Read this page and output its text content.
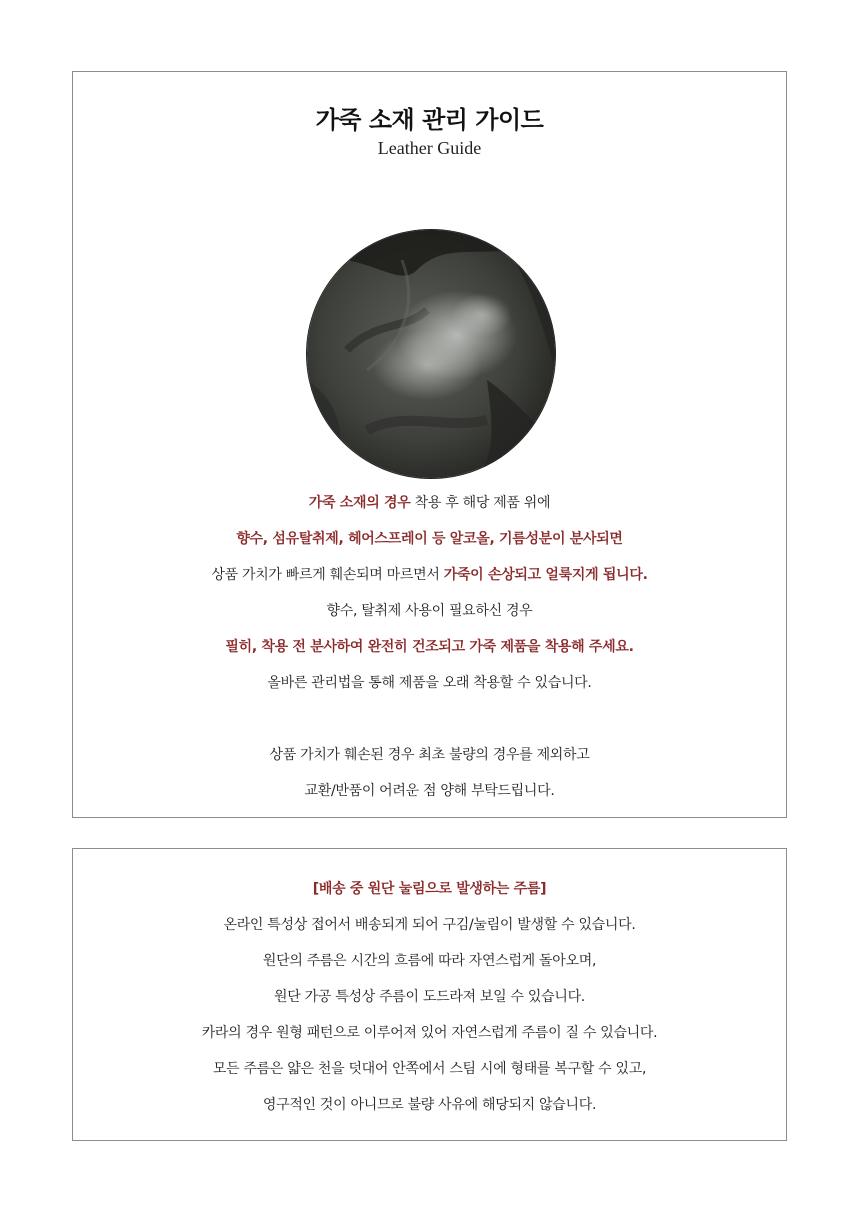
가죽 소재 관리 가이드
Leather Guide
가죽 소재의 경우 착용 후 해당 제품 위에
향수, 섬유탈취제, 헤어스프레이 등 알코올, 기름성분이 분사되면
상품 가치가 빠르게 훼손되며 마르면서 가죽이 손상되고 얼룩지게 됩니다.
향수, 탈취제 사용이 필요하신 경우
필히, 착용 전 분사하여 완전히 건조되고 가죽 제품을 착용해 주세요.
올바른 관리법을 통해 제품을 오래 착용할 수 있습니다.
상품 가치가 훼손된 경우 최초 불량의 경우를 제외하고
교환/반품이 어려운 점 양해 부탁드립니다.
[배송 중 원단 눌림으로 발생하는 주름]
온라인 특성상 접어서 배송되게 되어 구김/눌림이 발생할 수 있습니다.
원단의 주름은 시간의 흐름에 따라 자연스럽게 돌아오며,
원단 가공 특성상 주름이 도드라져 보일 수 있습니다.
카라의 경우 원형 패턴으로 이루어져 있어 자연스럽게 주름이 질 수 있습니다.
모든 주름은 얇은 천을 덧대어 안쪽에서 스팀 시에 형태를 복구할 수 있고,
영구적인 것이 아니므로 불량 사유에 해당되지 않습니다.
